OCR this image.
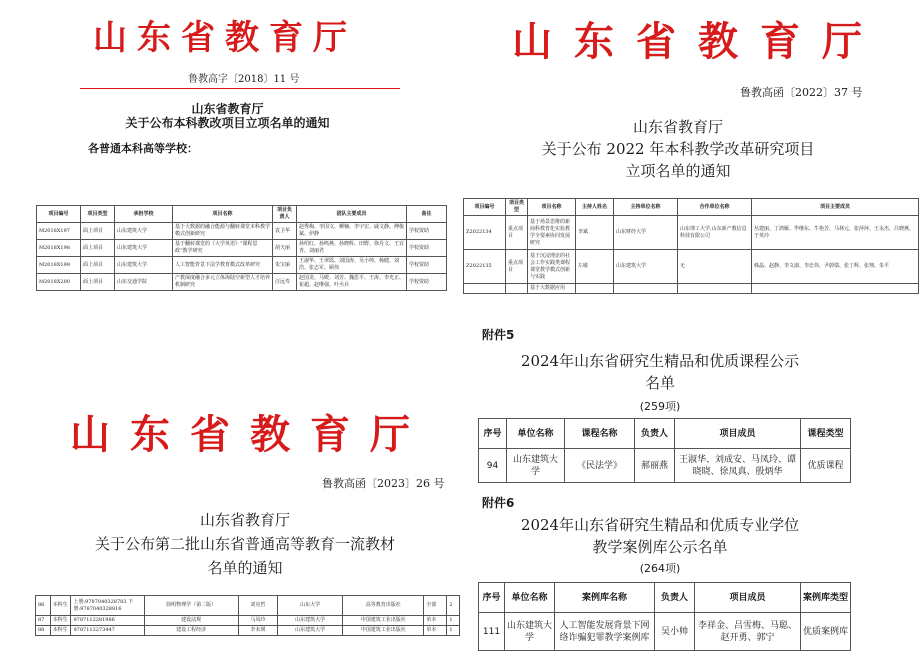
山东省教育厅
鲁教高字〔2018〕11 号
山东省教育厅
关于公布本科教改项目立项名单的通知
各普通本科高等学校：
项目编号	项目类型	承担学校	项目名称	项目负责人	团队主要成员	备注
M2018X197	面上项目	山东建筑大学	基于大数据的融合能源与翻转课堂本科教学模式创新研究	袁卫华	赵秀梅、李国文、柳楠、李宇宏、戚文静、傅俊斌、伊静	学校资助
M2018X198	面上项目	山东建筑大学	基于翻转课堂的《大学英语》“课程思政”教学研究	胡天丽	孙绍红、孙鸣燕、孙晓辉、田野、徐丹文、王宜青、刘丽君	学校资助
M2018X199	面上项目	山东建筑大学	人工智能背景下法学教育模式改革研究	朱宝丽	王淑华、王翠霞、刘国涛、吴小帅、杨健、刘浩、张志军、顾伟	学校资助
M2018X200	面上项目	山东交通学院	产教深度融合多元立体海陆空新型人才培养机制研究	汪远寿	赵国龙、马媛、刘芳、魏思平、王涛、李光正、崔超、赵继强、叶丞兵	学校资助
山东省教育厅
鲁教高函〔2022〕37 号
山东省教育厅
关于公布 2022 年本科教学改革研究项目
立项名单的通知
项目编号	项目类型	项目名称	主持人姓名	主持单位名称	合作单位名称	项目主要成员
Z2022134	重点项目	基于场景思维的新商科教育化实验教学全要素协同发展研究	李斌	山东财经大学	山东理工大学,山东新产教信息科技有限公司	丛建丽、丁鸿雁、毕继东、牛艳芳、马林元、张萍萍、王永杰、吕晓燕、于英玲
Z2022135	重点项目	基于沉浸理论的社会工作实践类课程课堂教学模式创新与实践	左敏	山东建筑大学	无	韩晶、赵静、李文淑、李忠伟、尹蔚瑞、张丁辉、张翔、朱平
		基于大数据应用				
山东省教育厅
鲁教高函〔2023〕26 号
山东省教育厅
关于公布第二批山东省普通高等教育一流教材
名单的通知
86	本科生	上册:9787040328783 下册:9787040328816	简明物理学（第二版）	刘克哲	山东大学	高等教育出版社	全部	2
87	本科生	9787112281986	建设法规	马凤玲	山东建筑大学	中国建筑工业出版社	单本	1
88	本科生	9787112273447	建设工程经济	李未瑛	山东建筑大学	中国建筑工业出版社	单本	1
附件5
2024年山东省研究生精品和优质课程公示
名单
(259项)
序号	单位名称	课程名称	负责人	项目成员	课程类型
94	山东建筑大学	《民法学》	郝丽燕	王淑华、刘成安、马凤玲、谭晓晓、徐凤真、殷炳华	优质课程
附件6
2024年山东省研究生精品和优质专业学位
教学案例库公示名单
(264项)
序号	单位名称	案例库名称	负责人	项目成员	案例库类型
111	山东建筑大学	人工智能发展背景下网络诈骗犯罪教学案例库	吴小帅	李祥金、吕雪梅、马聪、赵开勇、郭宁	优质案例库
